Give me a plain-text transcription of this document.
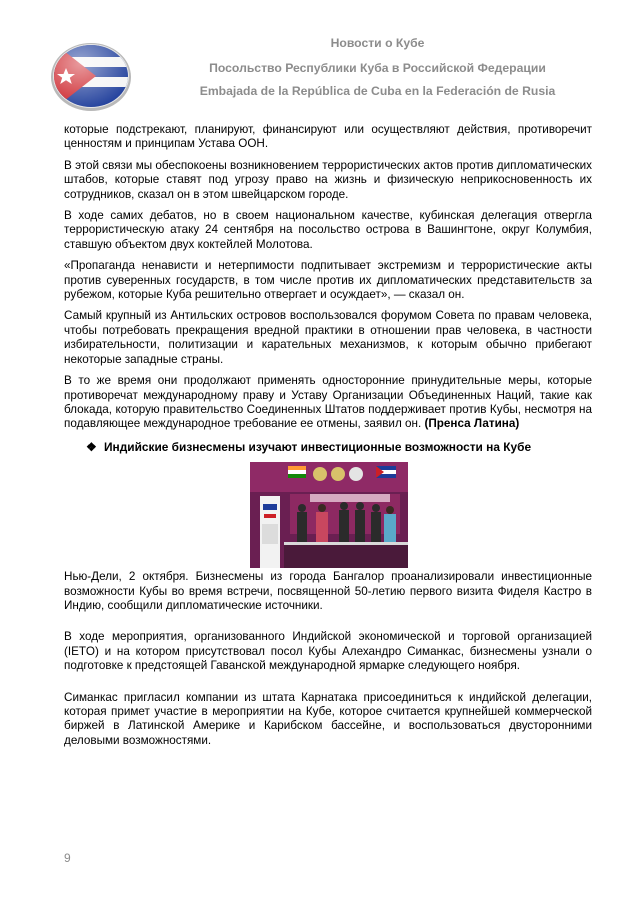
Новости о Кубе
Посольство Республики Куба в Российской Федерации
Embajada de la República de Cuba en la Federación de Rusia

которые подстрекают, планируют, финансируют или осуществляют действия, противоречит ценностям и принципам Устава ООН.

В этой связи мы обеспокоены возникновением террористических актов против дипломатических штабов, которые ставят под угрозу право на жизнь и физическую неприкосновенность их сотрудников, сказал он в этом швейцарском городе.

В ходе самих дебатов, но в своем национальном качестве, кубинская делегация отвергла террористическую атаку 24 сентября на посольство острова в Вашингтоне, округ Колумбия, ставшую объектом двух коктейлей Молотова.

«Пропаганда ненависти и нетерпимости подпитывает экстремизм и террористические акты против суверенных государств, в том числе против их дипломатических представительств за рубежом, которые Куба решительно отвергает и осуждает», — сказал он.

Самый крупный из Антильских островов воспользовался форумом Совета по правам человека, чтобы потребовать прекращения вредной практики в отношении прав человека, в частности избирательности, политизации и карательных механизмов, к которым обычно прибегают некоторые западные страны.

В то же время они продолжают применять односторонние принудительные меры, которые противоречат международному праву и Уставу Организации Объединенных Наций, такие как блокада, которую правительство Соединенных Штатов поддерживает против Кубы, несмотря на подавляющее международное требование ее отмены, заявил он. (Пренса Латина)

❖ Индийские бизнесмены изучают инвестиционные возможности на Кубе

Нью-Дели, 2 октября. Бизнесмены из города Бангалор проанализировали инвестиционные возможности Кубы во время встречи, посвященной 50-летию первого визита Фиделя Кастро в Индию, сообщили дипломатические источники.

В ходе мероприятия, организованного Индийской экономической и торговой организацией (IETO) и на котором присутствовал посол Кубы Алехандро Симанкас, бизнесмены узнали о подготовке к предстоящей Гаванской международной ярмарке следующего ноября.

Симанкас пригласил компании из штата Карнатака присоединиться к индийской делегации, которая примет участие в мероприятии на Кубе, которое считается крупнейшей коммерческой биржей в Латинской Америке и Карибском бассейне, и воспользоваться двусторонними деловыми возможностями.

9
